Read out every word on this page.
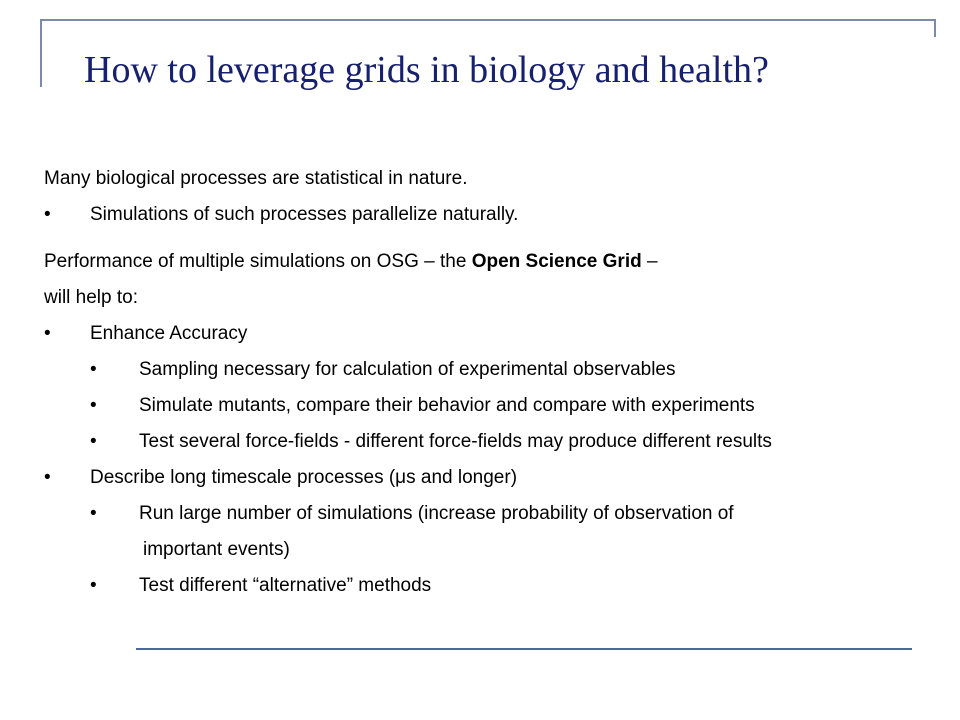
How to leverage grids in biology and health?
Many biological processes are statistical in nature.
• Simulations of such processes parallelize naturally.
Performance of multiple simulations on OSG – the Open Science Grid –
will help to:
• Enhance Accuracy
• Sampling necessary for calculation of experimental observables
• Simulate mutants, compare their behavior and compare with experiments
• Test several force-fields - different force-fields may produce different results
• Describe long timescale processes (μs and longer)
• Run large number of simulations (increase probability of observation of
important events)
• Test different “alternative” methods
